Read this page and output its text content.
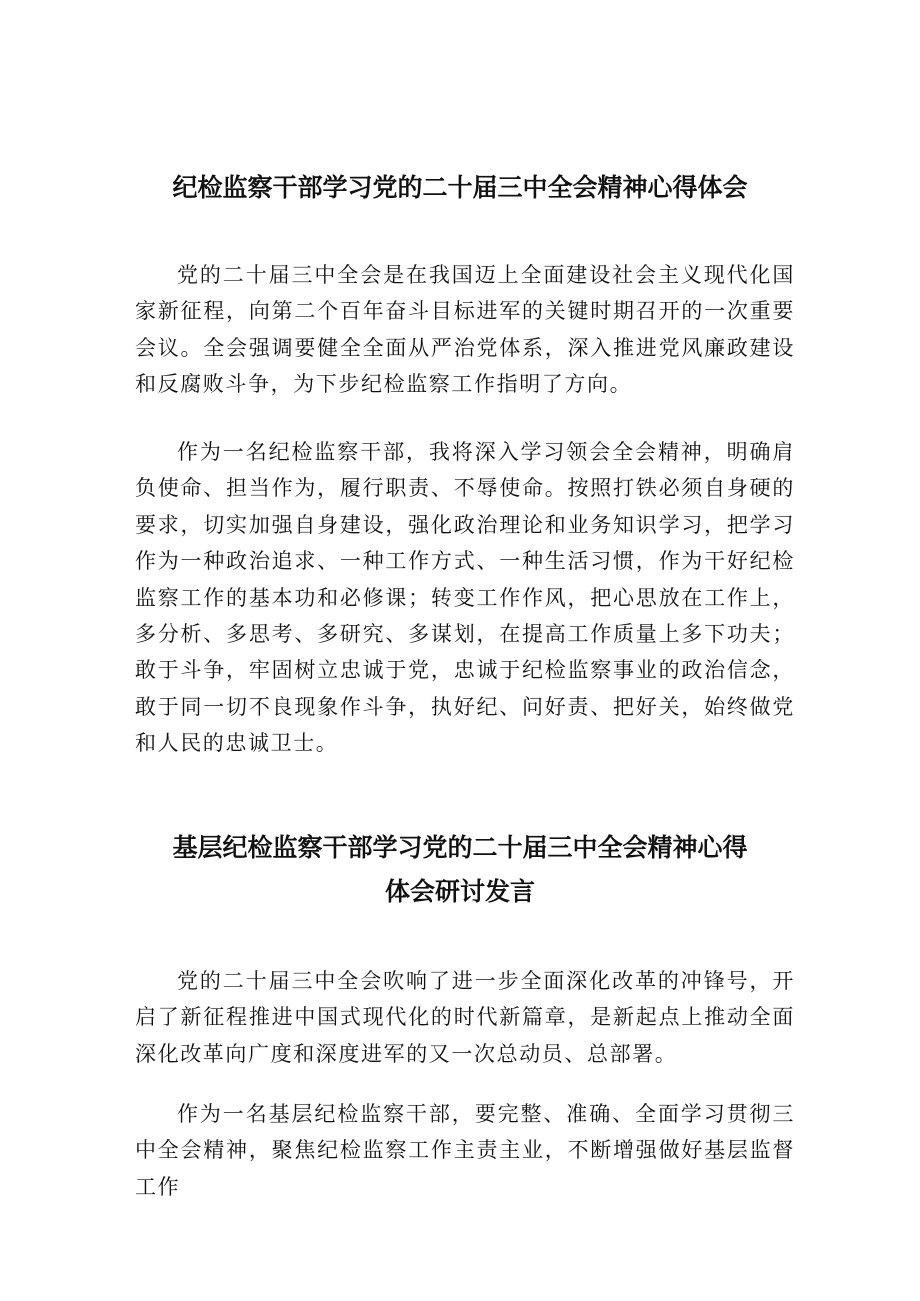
纪检监察干部学习党的二十届三中全会精神心得体会

党的二十届三中全会是在我国迈上全面建设社会主义现代化国家新征程，向第二个百年奋斗目标进军的关键时期召开的一次重要会议。全会强调要健全全面从严治党体系，深入推进党风廉政建设和反腐败斗争，为下步纪检监察工作指明了方向。

作为一名纪检监察干部，我将深入学习领会全会精神，明确肩负使命、担当作为，履行职责、不辱使命。按照打铁必须自身硬的要求，切实加强自身建设，强化政治理论和业务知识学习，把学习作为一种政治追求、一种工作方式、一种生活习惯，作为干好纪检监察工作的基本功和必修课；转变工作作风，把心思放在工作上，多分析、多思考、多研究、多谋划，在提高工作质量上多下功夫；敢于斗争，牢固树立忠诚于党，忠诚于纪检监察事业的政治信念，敢于同一切不良现象作斗争，执好纪、问好责、把好关，始终做党和人民的忠诚卫士。

基层纪检监察干部学习党的二十届三中全会精神心得
体会研讨发言

党的二十届三中全会吹响了进一步全面深化改革的冲锋号，开启了新征程推进中国式现代化的时代新篇章，是新起点上推动全面深化改革向广度和深度进军的又一次总动员、总部署。

作为一名基层纪检监察干部，要完整、准确、全面学习贯彻三中全会精神，聚焦纪检监察工作主责主业，不断增强做好基层监督工作
